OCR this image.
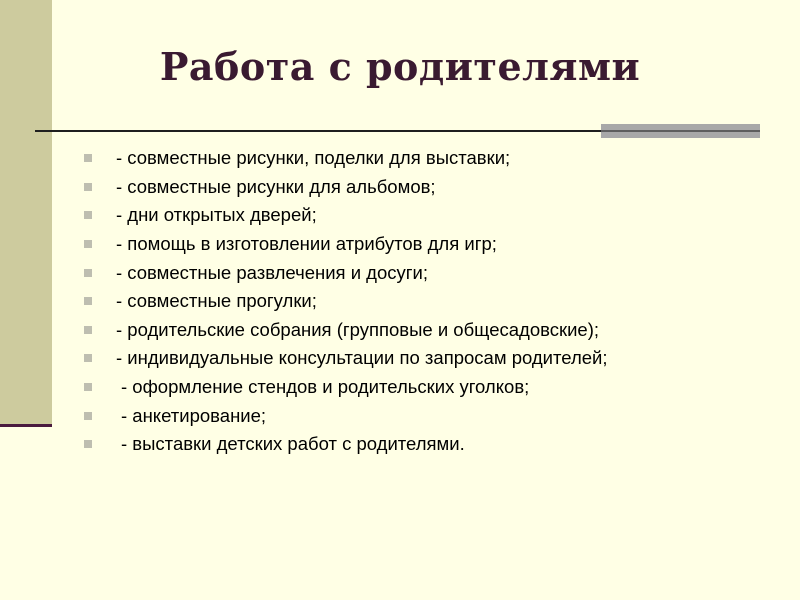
Работа с родителями
- совместные рисунки, поделки для выставки;
- совместные рисунки для альбомов;
- дни открытых дверей;
- помощь в изготовлении атрибутов для игр;
- совместные развлечения и досуги;
- совместные прогулки;
- родительские собрания (групповые и общесадовские);
- индивидуальные консультации по запросам родителей;
- оформление стендов и родительских уголков;
- анкетирование;
- выставки детских работ с родителями.
